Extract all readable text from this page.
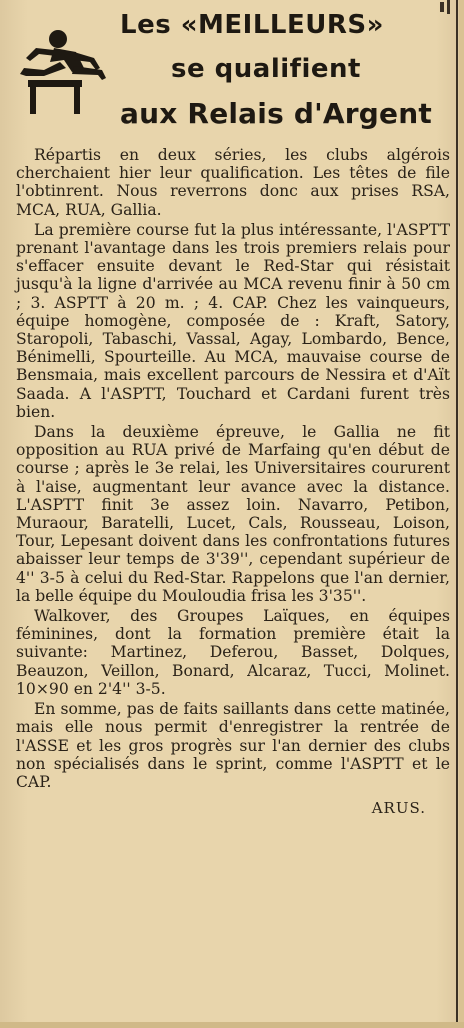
Les «MEILLEURS»
se qualifient
aux Relais d'Argent

Répartis en deux séries, les clubs algérois cherchaient hier leur qualification. Les têtes de file l'obtinrent. Nous reverrons donc aux prises RSA, MCA, RUA, Gallia.

La première course fut la plus intéressante, l'ASPTT prenant l'avantage dans les trois premiers relais pour s'effacer ensuite devant le Red-Star qui résistait jusqu'à la ligne d'arrivée au MCA revenu finir à 50 cm ; 3. ASPTT à 20 m. ; 4. CAP. Chez les vainqueurs, équipe homogène, composée de : Kraft, Satory, Staropoli, Tabaschi, Vassal, Agay, Lombardo, Bence, Bénimelli, Spourteille. Au MCA, mauvaise course de Bensmaia, mais excellent parcours de Nessira et d'Aït Saada. A l'ASPTT, Touchard et Cardani furent très bien.

Dans la deuxième épreuve, le Gallia ne fit opposition au RUA privé de Marfaing qu'en début de course ; après le 3e relai, les Universitaires coururent à l'aise, augmentant leur avance avec la distance. L'ASPTT finit 3e assez loin. Navarro, Petibon, Muraour, Baratelli, Lucet, Cals, Rousseau, Loison, Tour, Lepesant doivent dans les confrontations futures abaisser leur temps de 3'39'', cependant supérieur de 4'' 3-5 à celui du Red-Star. Rappelons que l'an dernier, la belle équipe du Mouloudia frisa les 3'35''.

Walkover, des Groupes Laïques, en équipes féminines, dont la formation première était la suivante: Martinez, Deferou, Basset, Dolques, Beauzon, Veillon, Bonard, Alcaraz, Tucci, Molinet. 10×90 en 2'4'' 3-5.

En somme, pas de faits saillants dans cette matinée, mais elle nous permit d'enregistrer la rentrée de l'ASSE et les gros progrès sur l'an dernier des clubs non spécialisés dans le sprint, comme l'ASPTT et le CAP.

ARUS.
